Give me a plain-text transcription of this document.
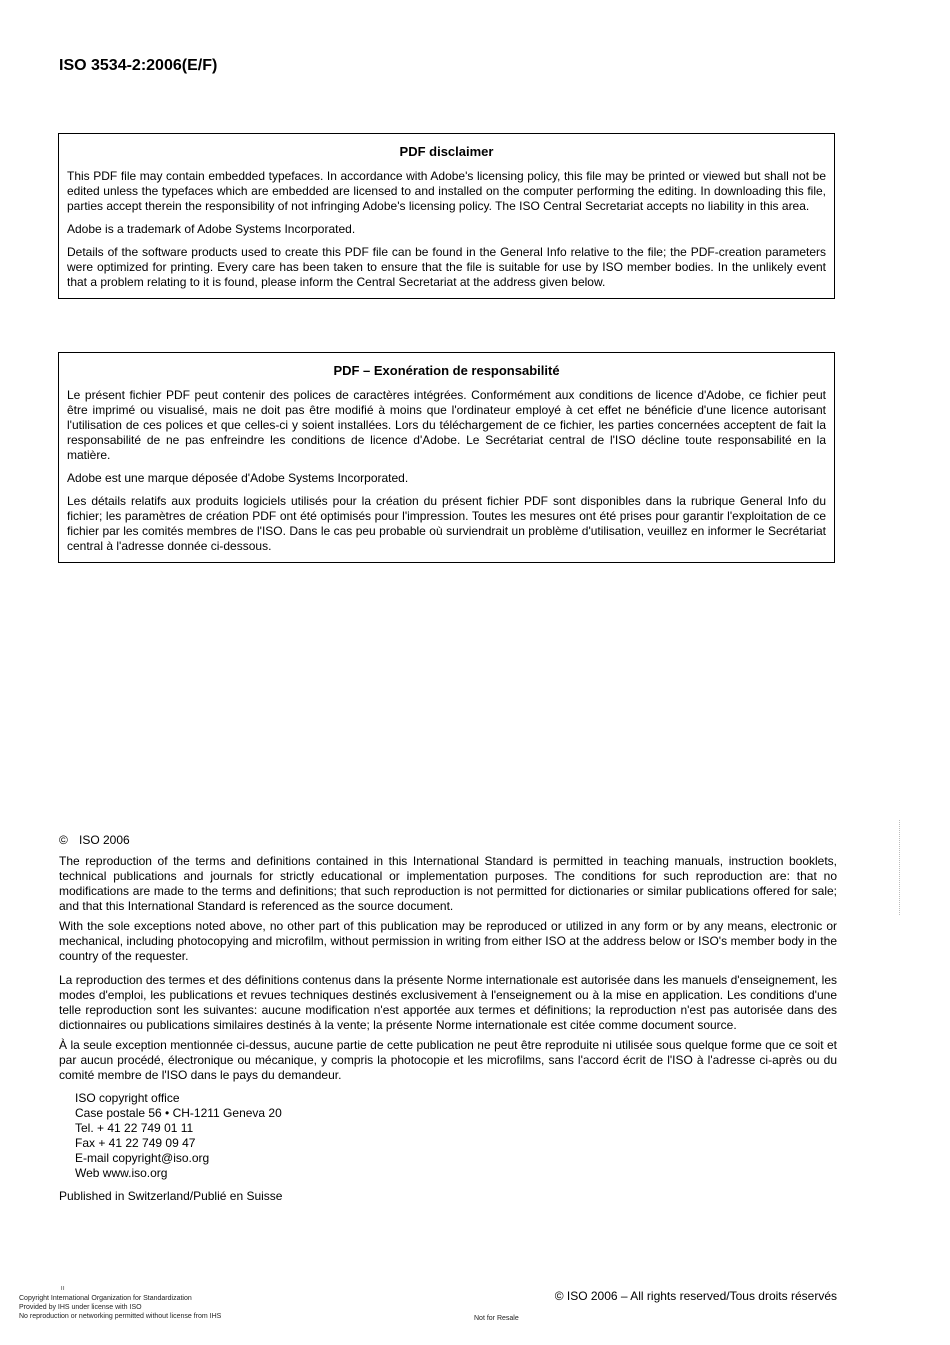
ISO 3534-2:2006(E/F)
PDF disclaimer

This PDF file may contain embedded typefaces. In accordance with Adobe's licensing policy, this file may be printed or viewed but shall not be edited unless the typefaces which are embedded are licensed to and installed on the computer performing the editing. In downloading this file, parties accept therein the responsibility of not infringing Adobe's licensing policy. The ISO Central Secretariat accepts no liability in this area.

Adobe is a trademark of Adobe Systems Incorporated.

Details of the software products used to create this PDF file can be found in the General Info relative to the file; the PDF-creation parameters were optimized for printing. Every care has been taken to ensure that the file is suitable for use by ISO member bodies. In the unlikely event that a problem relating to it is found, please inform the Central Secretariat at the address given below.

PDF – Exonération de responsabilité

Le présent fichier PDF peut contenir des polices de caractères intégrées. Conformément aux conditions de licence d'Adobe, ce fichier peut être imprimé ou visualisé, mais ne doit pas être modifié à moins que l'ordinateur employé à cet effet ne bénéficie d'une licence autorisant l'utilisation de ces polices et que celles-ci y soient installées. Lors du téléchargement de ce fichier, les parties concernées acceptent de fait la responsabilité de ne pas enfreindre les conditions de licence d'Adobe. Le Secrétariat central de l'ISO décline toute responsabilité en la matière.

Adobe est une marque déposée d'Adobe Systems Incorporated.

Les détails relatifs aux produits logiciels utilisés pour la création du présent fichier PDF sont disponibles dans la rubrique General Info du fichier; les paramètres de création PDF ont été optimisés pour l'impression. Toutes les mesures ont été prises pour garantir l'exploitation de ce fichier par les comités membres de l'ISO. Dans le cas peu probable où surviendrait un problème d'utilisation, veuillez en informer le Secrétariat central à l'adresse donnée ci-dessous.

© ISO 2006

The reproduction of the terms and definitions contained in this International Standard is permitted in teaching manuals, instruction booklets, technical publications and journals for strictly educational or implementation purposes. The conditions for such reproduction are: that no modifications are made to the terms and definitions; that such reproduction is not permitted for dictionaries or similar publications offered for sale; and that this International Standard is referenced as the source document.

With the sole exceptions noted above, no other part of this publication may be reproduced or utilized in any form or by any means, electronic or mechanical, including photocopying and microfilm, without permission in writing from either ISO at the address below or ISO's member body in the country of the requester.

La reproduction des termes et des définitions contenus dans la présente Norme internationale est autorisée dans les manuels d'enseignement, les modes d'emploi, les publications et revues techniques destinés exclusivement à l'enseignement ou à la mise en application. Les conditions d'une telle reproduction sont les suivantes: aucune modification n'est apportée aux termes et définitions; la reproduction n'est pas autorisée dans des dictionnaires ou publications similaires destinés à la vente; la présente Norme internationale est citée comme document source.

À la seule exception mentionnée ci-dessus, aucune partie de cette publication ne peut être reproduite ni utilisée sous quelque forme que ce soit et par aucun procédé, électronique ou mécanique, y compris la photocopie et les microfilms, sans l'accord écrit de l'ISO à l'adresse ci-après ou du comité membre de l'ISO dans le pays du demandeur.

ISO copyright office
Case postale 56 • CH-1211 Geneva 20
Tel. + 41 22 749 01 11
Fax + 41 22 749 09 47
E-mail copyright@iso.org
Web www.iso.org
Published in Switzerland/Publié en Suisse
⠛
Copyright International Organization for Standardization
Provided by IHS under license with ISO
No reproduction or networking permitted without license from IHS
© ISO 2006 – All rights reserved/Tous droits réservés
Not for Resale
